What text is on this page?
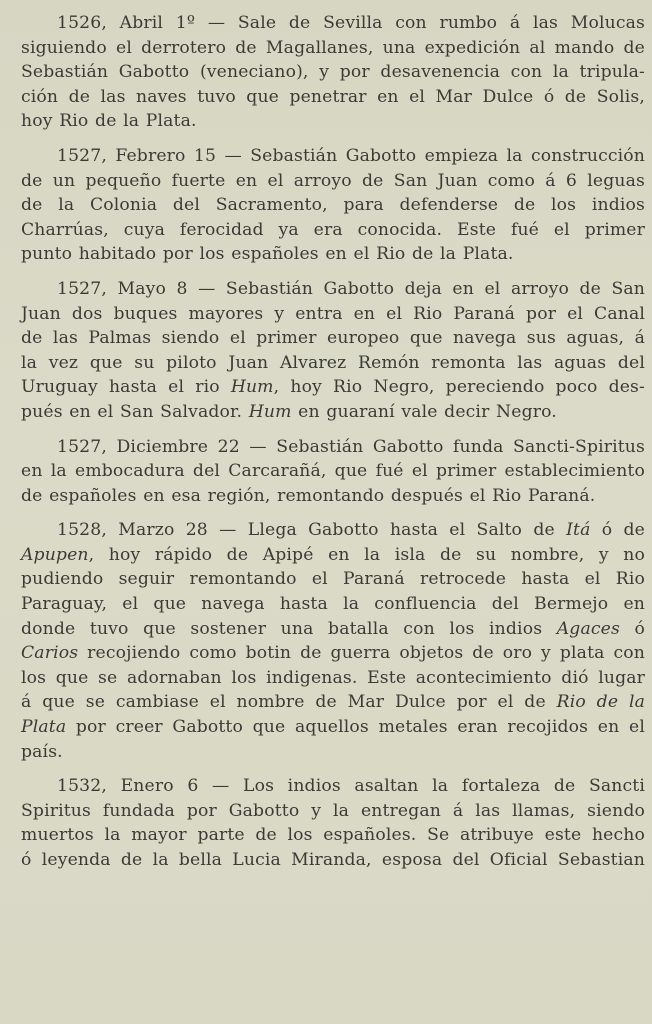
1526, Abril 1º — Sale de Sevilla con rumbo á las Molucas
siguiendo el derrotero de Magallanes, una expedición al mando de
Sebastián Gabotto (veneciano), y por desavenencia con la tripula-
ción de las naves tuvo que penetrar en el Mar Dulce ó de Solis,
hoy Rio de la Plata.
1527, Febrero 15 — Sebastián Gabotto empieza la construcción
de un pequeño fuerte en el arroyo de San Juan como á 6 leguas
de la Colonia del Sacramento, para defenderse de los indios
Charrúas, cuya ferocidad ya era conocida. Este fué el primer
punto habitado por los españoles en el Rio de la Plata.
1527, Mayo 8 — Sebastián Gabotto deja en el arroyo de San
Juan dos buques mayores y entra en el Rio Paraná por el Canal
de las Palmas siendo el primer europeo que navega sus aguas, á
la vez que su piloto Juan Alvarez Remón remonta las aguas del
Uruguay hasta el rio Hum, hoy Rio Negro, pereciendo poco des-
pués en el San Salvador. Hum en guaraní vale decir Negro.
1527, Diciembre 22 — Sebastián Gabotto funda Sancti-Spiritus
en la embocadura del Carcarañá, que fué el primer establecimiento
de españoles en esa región, remontando después el Rio Paraná.
1528, Marzo 28 — Llega Gabotto hasta el Salto de Itá ó de
Apupen, hoy rápido de Apipé en la isla de su nombre, y no
pudiendo seguir remontando el Paraná retrocede hasta el Rio
Paraguay, el que navega hasta la confluencia del Bermejo en
donde tuvo que sostener una batalla con los indios Agaces ó
Carios recojiendo como botin de guerra objetos de oro y plata con
los que se adornaban los indigenas. Este acontecimiento dió lugar
á que se cambiase el nombre de Mar Dulce por el de Rio de la
Plata por creer Gabotto que aquellos metales eran recojidos en el
país.
1532, Enero 6 — Los indios asaltan la fortaleza de Sancti
Spiritus fundada por Gabotto y la entregan á las llamas, siendo
muertos la mayor parte de los españoles. Se atribuye este hecho
ó leyenda de la bella Lucia Miranda, esposa del Oficial Sebastian
